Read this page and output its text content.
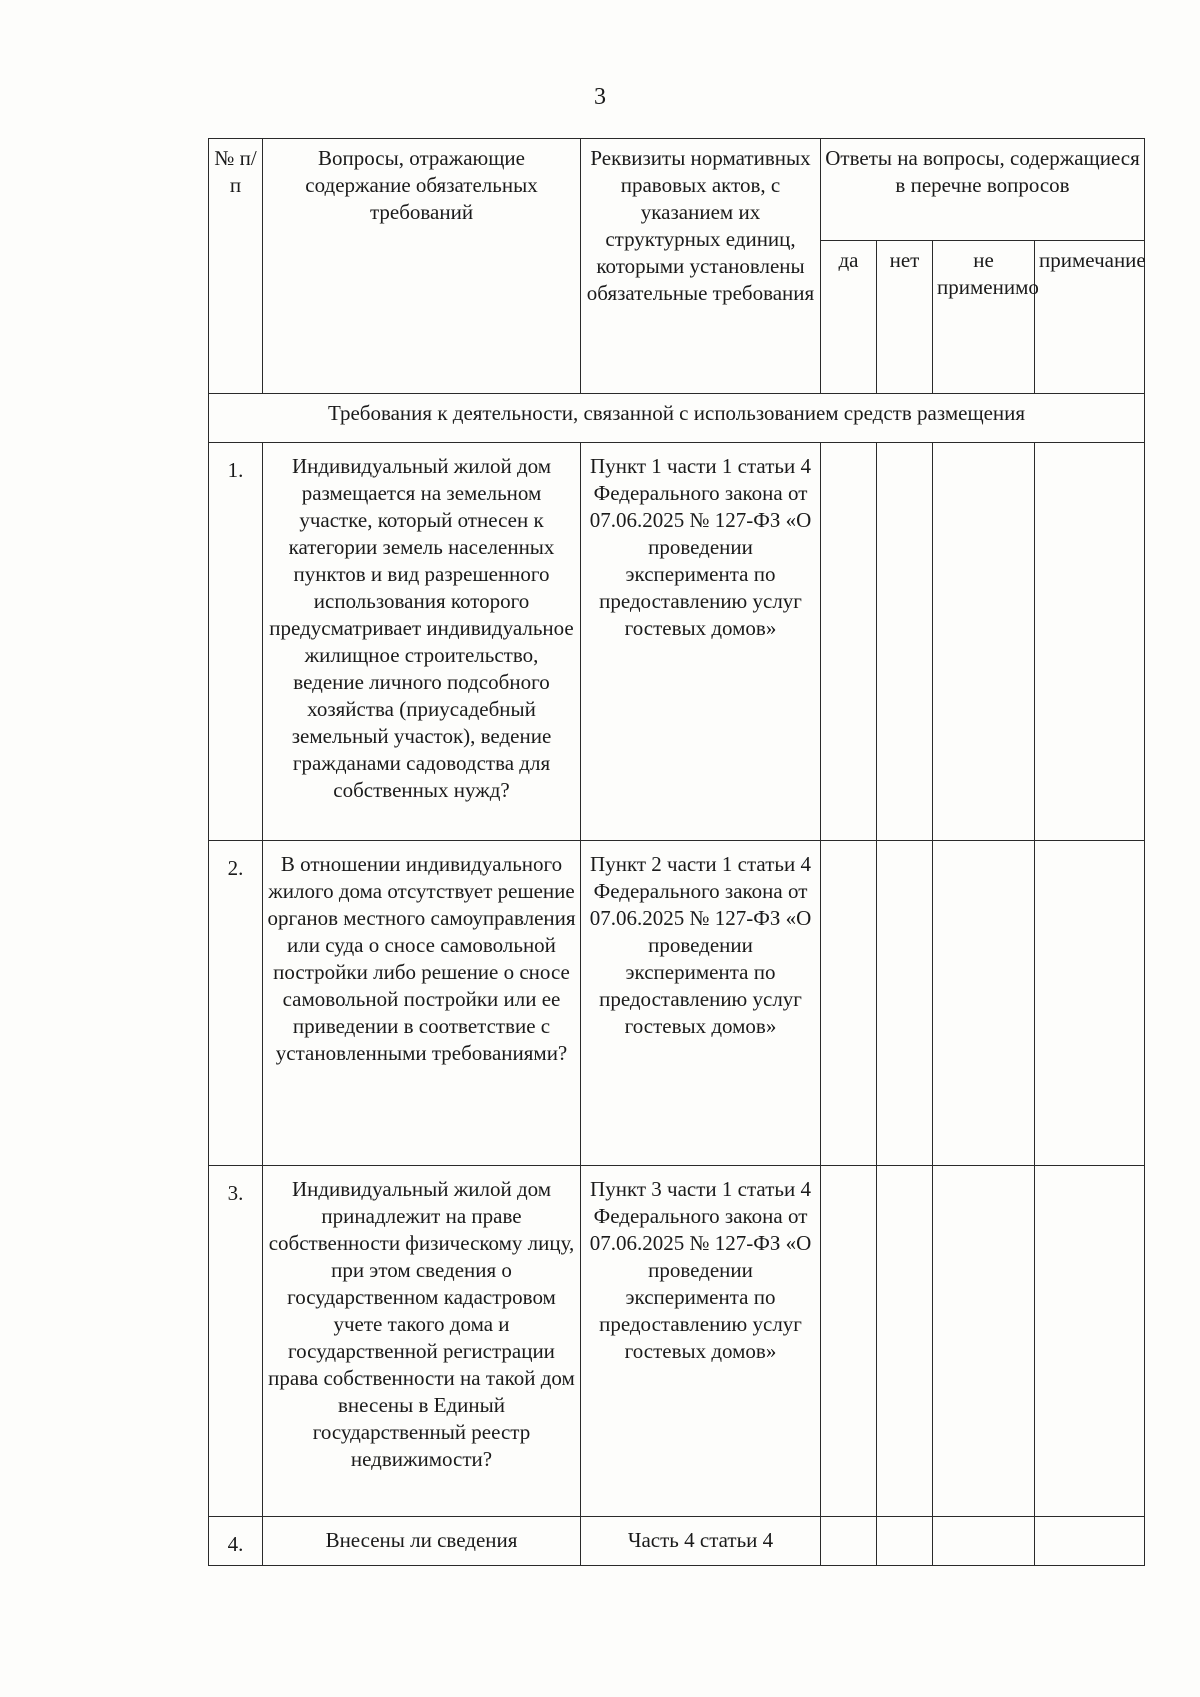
3
№ п/п	Вопросы, отражающие содержание обязательных требований	Реквизиты нормативных правовых актов, с указанием их структурных единиц, которыми установлены обязательные требования	Ответы на вопросы, содержащиеся в перечне вопросов			
			да	нет	не применимо	примечание
Требования к деятельности, связанной с использованием средств размещения						
1.	Индивидуальный жилой дом размещается на земельном участке, который отнесен к категории земель населенных пунктов и вид разрешенного использования которого предусматривает индивидуальное жилищное строительство, ведение личного подсобного хозяйства (приусадебный земельный участок), ведение гражданами садоводства для собственных нужд?	Пункт 1 части 1 статьи 4 Федерального закона от 07.06.2025 № 127-ФЗ «О проведении эксперимента по предоставлению услуг гостевых домов»				
2.	В отношении индивидуального жилого дома отсутствует решение органов местного самоуправления или суда о сносе самовольной постройки либо решение о сносе самовольной постройки или ее приведении в соответствие с установленными требованиями?	Пункт 2 части 1 статьи 4 Федерального закона от 07.06.2025 № 127-ФЗ «О проведении эксперимента по предоставлению услуг гостевых домов»				
3.	Индивидуальный жилой дом принадлежит на праве собственности физическому лицу, при этом сведения о государственном кадастровом учете такого дома и государственной регистрации права собственности на такой дом внесены в Единый государственный реестр недвижимости?	Пункт 3 части 1 статьи 4 Федерального закона от 07.06.2025 № 127-ФЗ «О проведении эксперимента по предоставлению услуг гостевых домов»				
4.	Внесены ли сведения	Часть 4 статьи 4				
